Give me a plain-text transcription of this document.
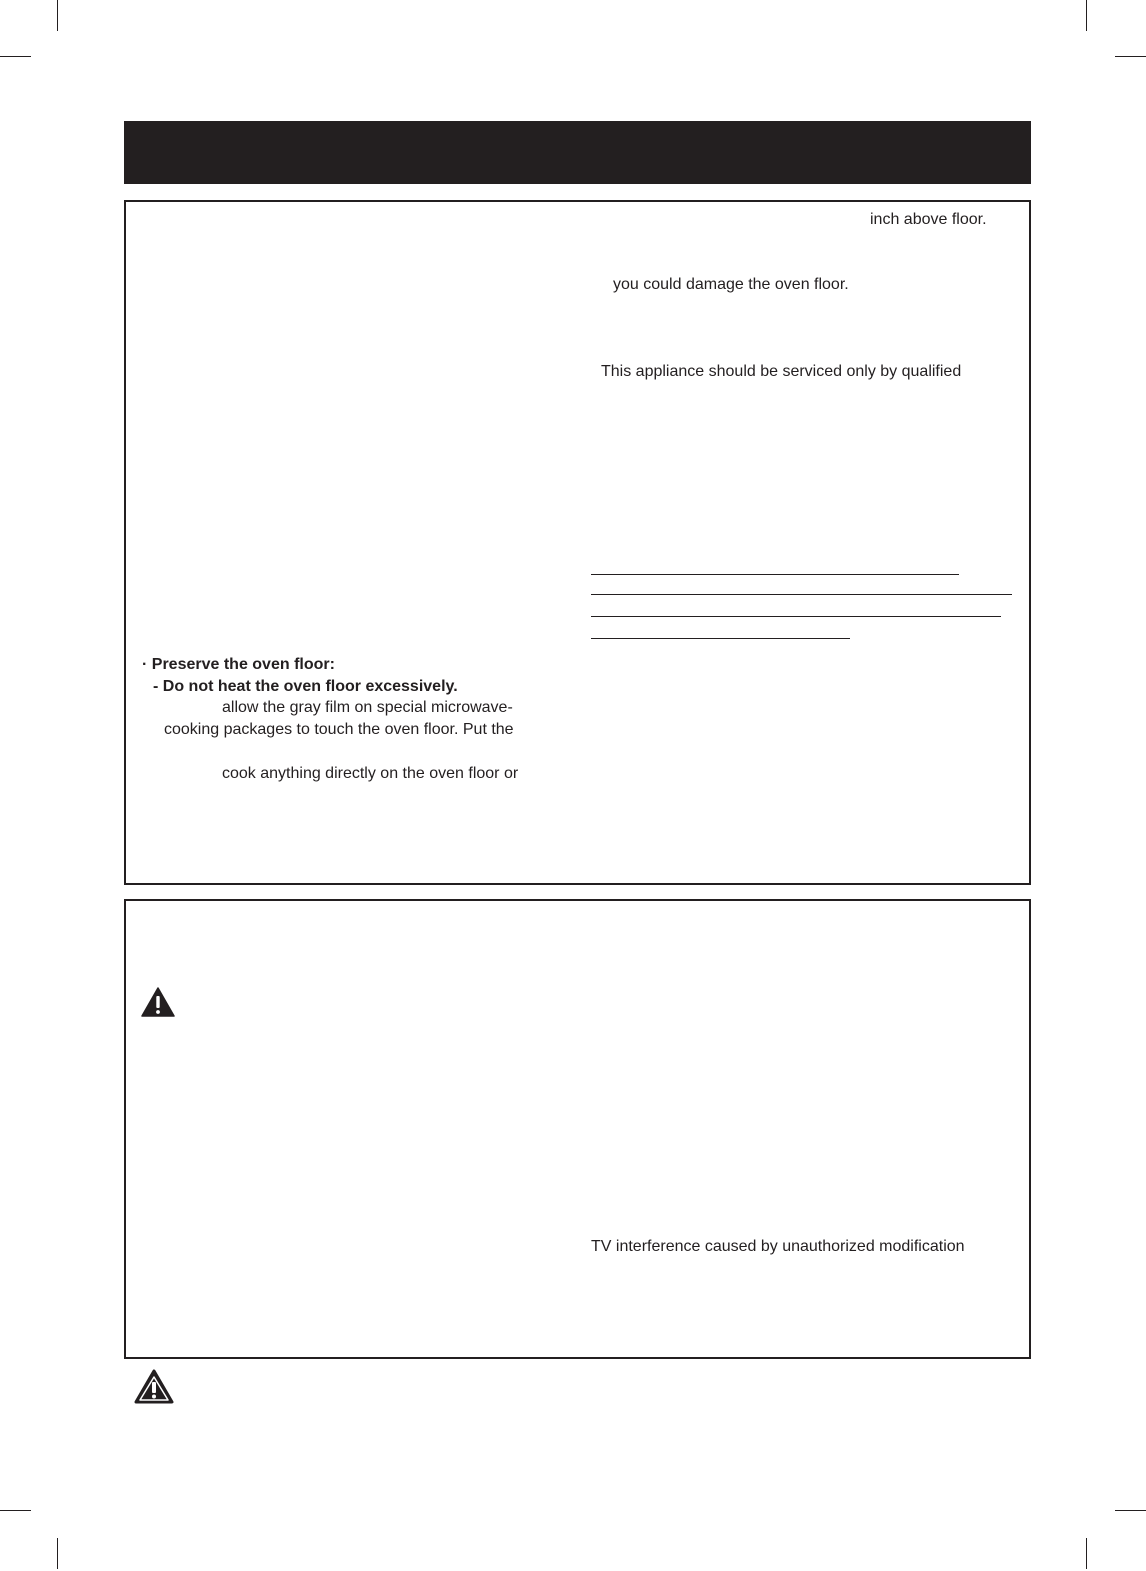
inch above floor.
you could damage the oven floor.
This appliance should be serviced only by qualified
· Preserve the oven floor:
- Do not heat the oven floor excessively.
allow the gray film on special microwave-
cooking packages to touch the oven floor. Put the
cook anything directly on the oven floor or
TV interference caused by unauthorized modification
